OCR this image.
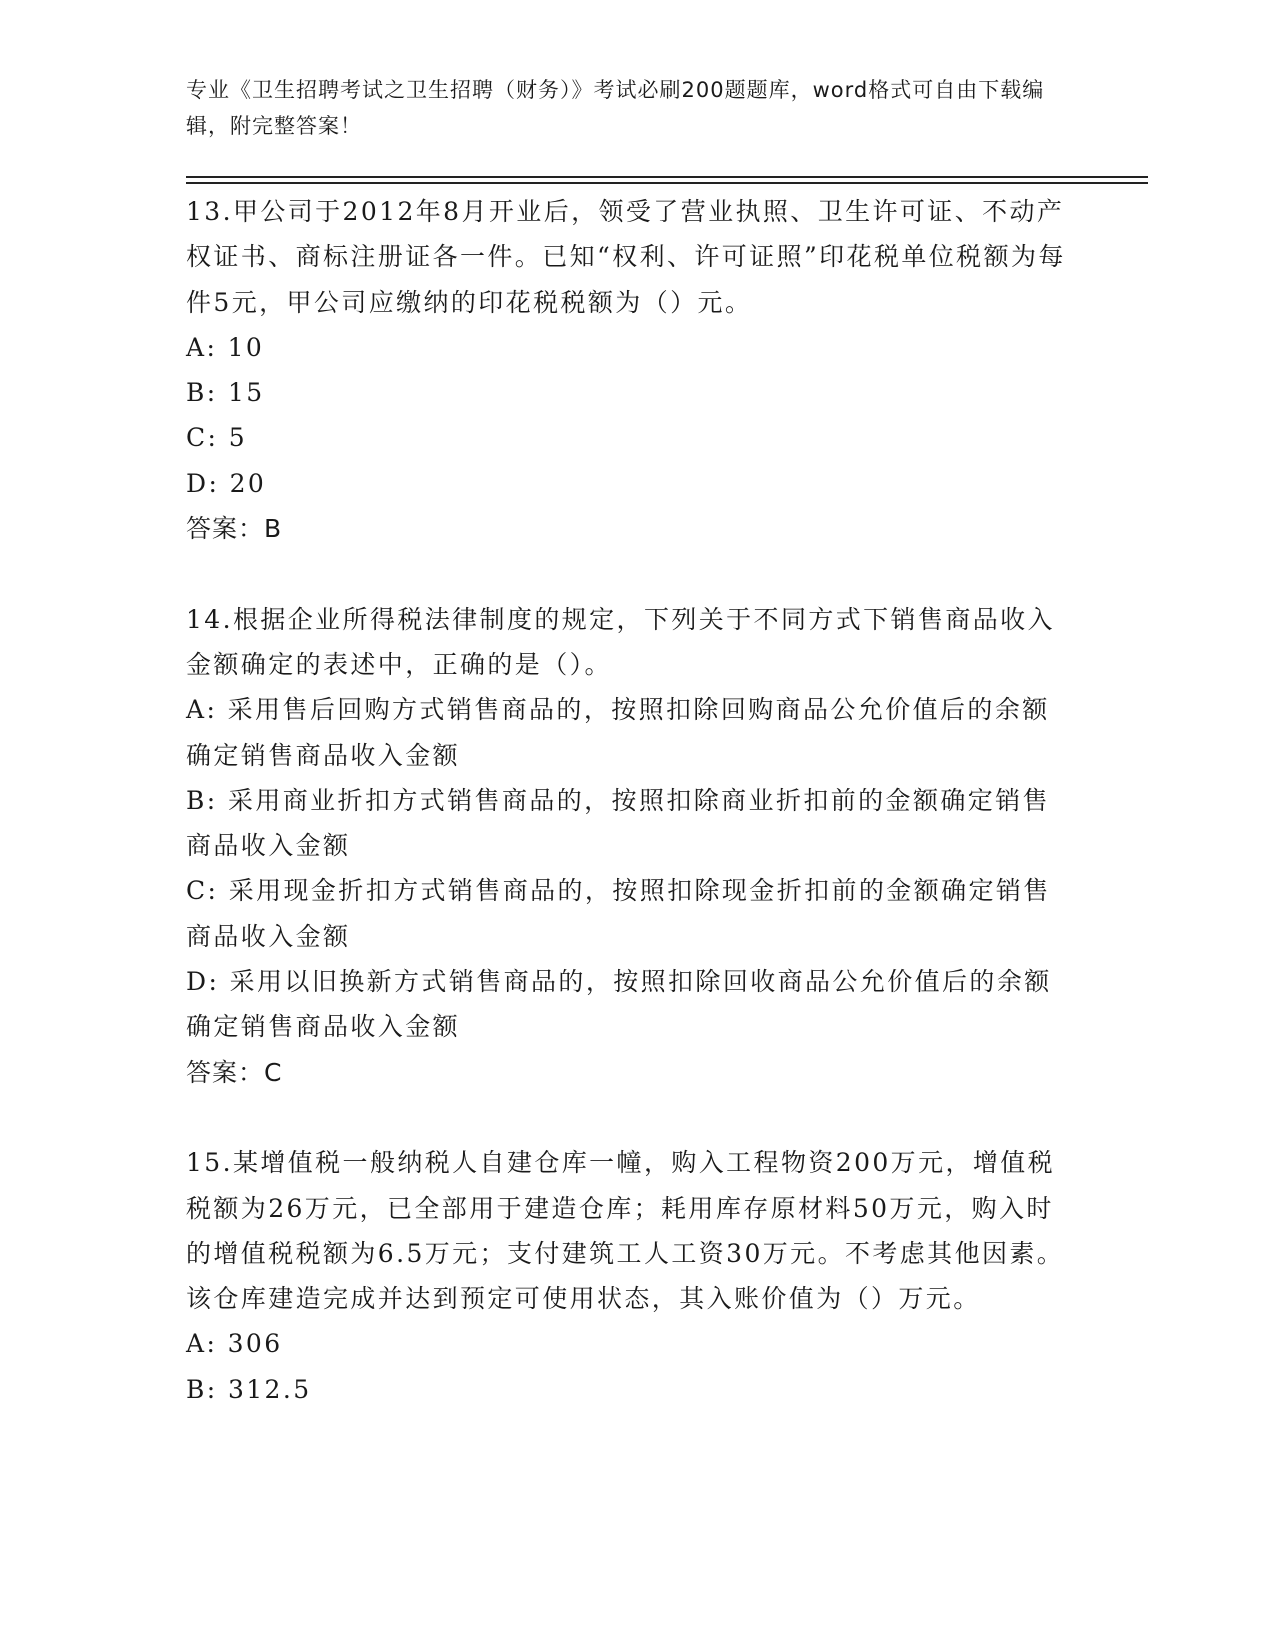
专业《卫生招聘考试之卫生招聘（财务）》考试必刷200题题库，word格式可自由下载编辑，附完整答案！

13.甲公司于2012年8月开业后，领受了营业执照、卫生许可证、不动产权证书、商标注册证各一件。已知“权利、许可证照”印花税单位税额为每件5元，甲公司应缴纳的印花税税额为（）元。

A: 10

B: 15

C: 5

D: 20

答案：B

14.根据企业所得税法律制度的规定，下列关于不同方式下销售商品收入金额确定的表述中，正确的是（）。

A: 采用售后回购方式销售商品的，按照扣除回购商品公允价值后的余额确定销售商品收入金额

B: 采用商业折扣方式销售商品的，按照扣除商业折扣前的金额确定销售商品收入金额

C: 采用现金折扣方式销售商品的，按照扣除现金折扣前的金额确定销售商品收入金额

D: 采用以旧换新方式销售商品的，按照扣除回收商品公允价值后的余额确定销售商品收入金额

答案：C

15.某增值税一般纳税人自建仓库一幢，购入工程物资200万元，增值税税额为26万元，已全部用于建造仓库；耗用库存原材料50万元，购入时的增值税税额为6.5万元；支付建筑工人工资30万元。不考虑其他因素。该仓库建造完成并达到预定可使用状态，其入账价值为（）万元。

A: 306

B: 312.5
